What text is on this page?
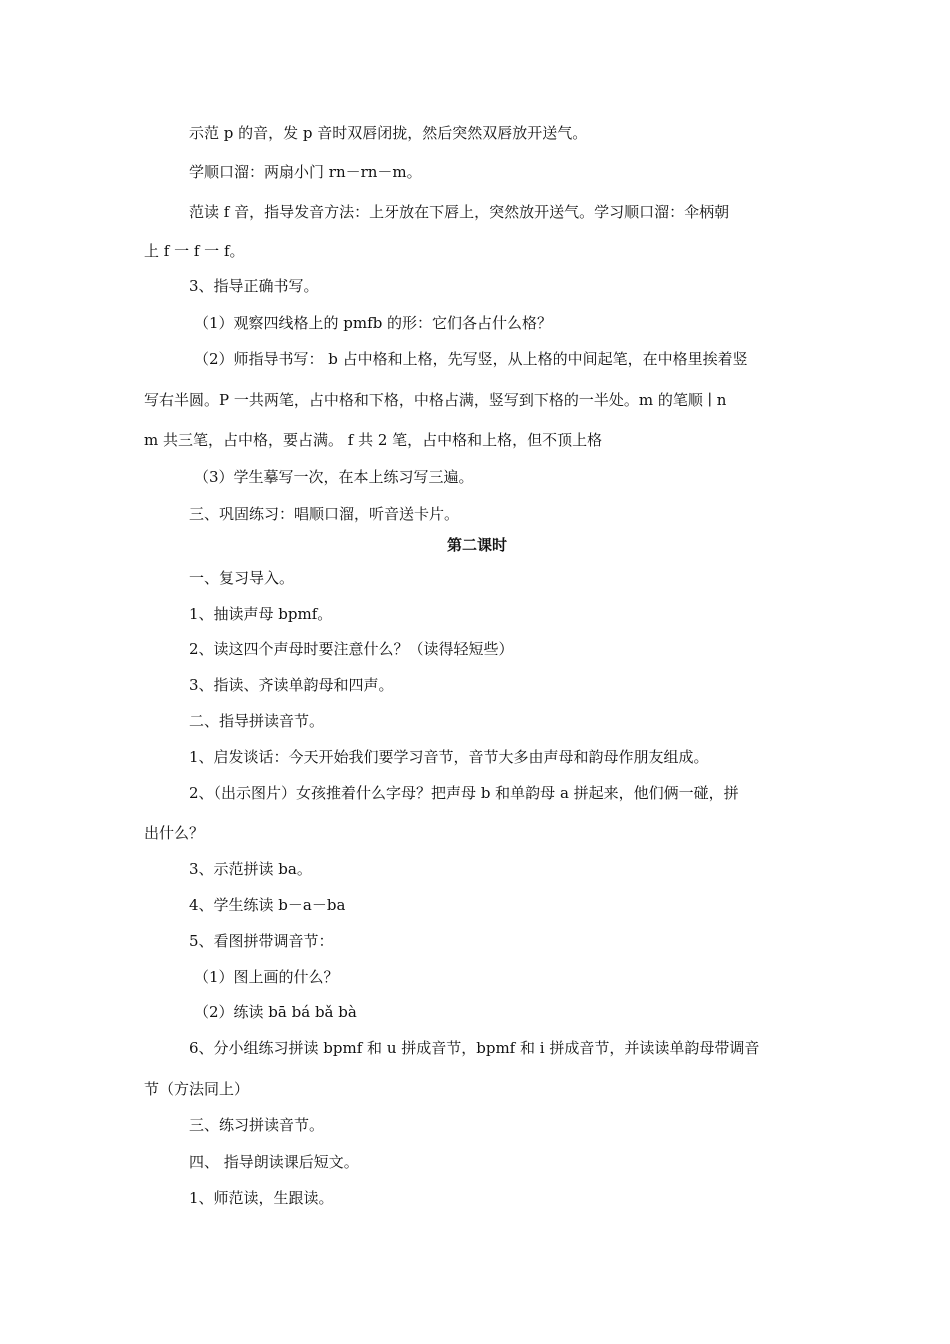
示范 p 的音，发 p 音时双唇闭拢，然后突然双唇放开送气。

学顺口溜：两扇小门 rn－rn－m。

范读 f 音，指导发音方法：上牙放在下唇上，突然放开送气。学习顺口溜：伞柄朝

上 f 一 f 一 f。

3、指导正确书写。

（1）观察四线格上的 pmfb 的形：它们各占什么格？

（2）师指导书写： b 占中格和上格，先写竖，从上格的中间起笔，在中格里挨着竖

写右半圆。P 一共两笔，占中格和下格，中格占满，竖写到下格的一半处。m 的笔顺 ∣ n

m 共三笔，占中格，要占满。 f 共 2 笔，占中格和上格，但不顶上格

（3）学生摹写一次，在本上练习写三遍。

三、巩固练习：唱顺口溜，听音送卡片。

第二课时

一、复习导入。

1、抽读声母 bpmf。

2、读这四个声母时要注意什么？（读得轻短些）

3、指读、齐读单韵母和四声。

二、指导拼读音节。

1、启发谈话：今天开始我们要学习音节，音节大多由声母和韵母作朋友组成。

2、（出示图片）女孩推着什么字母？把声母 b 和单韵母 a 拼起来，他们俩一碰，拼

出什么？

3、示范拼读 ba。

4、学生练读 b－a－ba

5、看图拼带调音节：

（1）图上画的什么？

（2）练读 bā bá bǎ bà

6、分小组练习拼读 bpmf 和 u 拼成音节，bpmf 和 i 拼成音节，并读读单韵母带调音

节（方法同上）

三、练习拼读音节。

四、 指导朗读课后短文。

1、师范读，生跟读。
